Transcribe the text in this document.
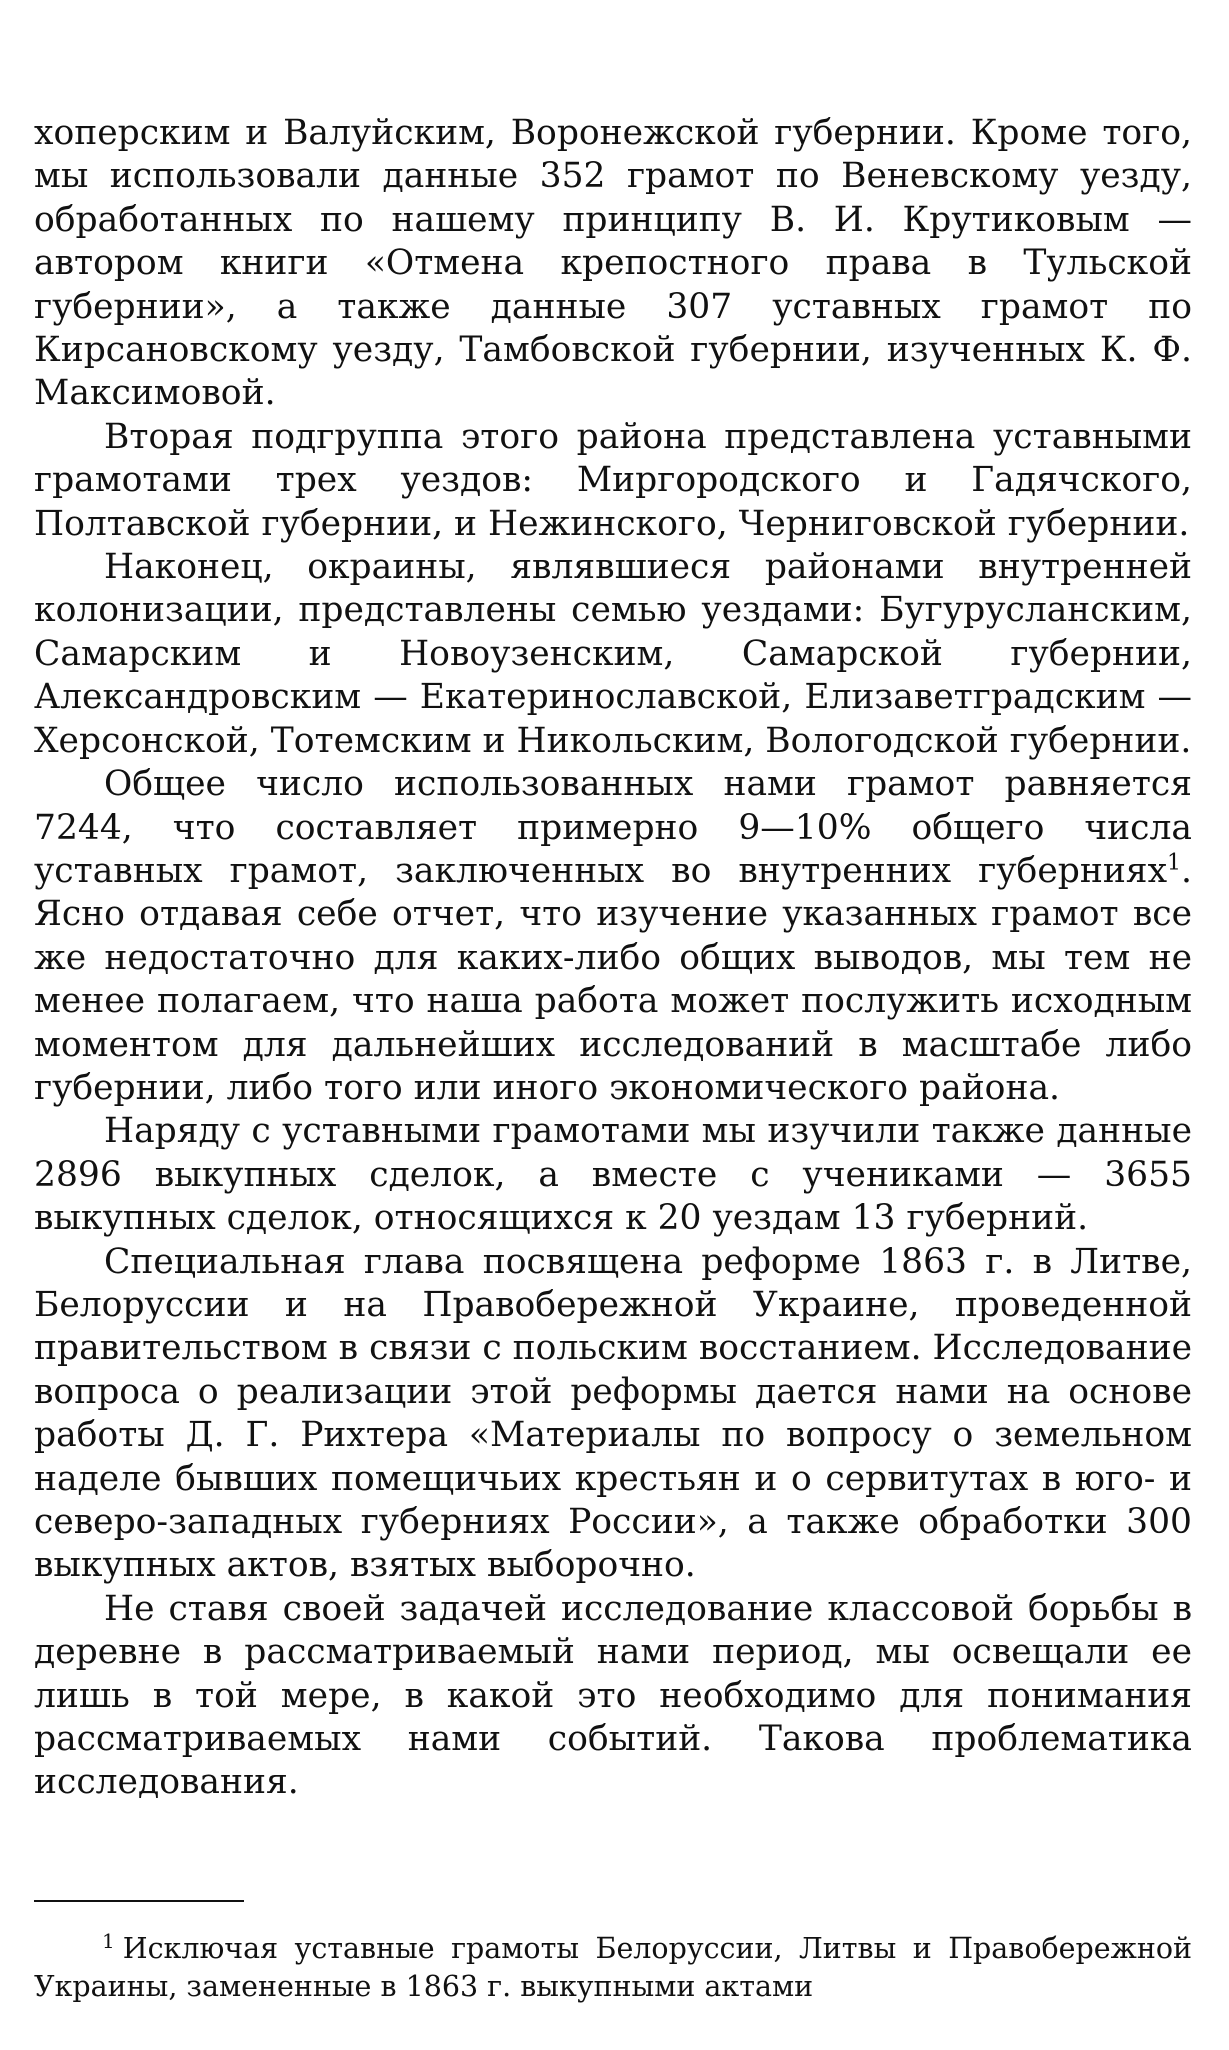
хоперским и Валуйским, Воронежской губернии. Кроме того, мы использовали данные 352 грамот по Веневскому уезду, обработанных по нашему принципу В. И. Крутиковым — автором книги «Отмена крепостного права в Тульской губернии», а также данные 307 уставных грамот по Кирсановскому уезду, Тамбовской губернии, изученных К. Ф. Максимовой.

Вторая подгруппа этого района представлена уставными грамотами трех уездов: Миргородского и Гадячского, Полтавской губернии, и Нежинского, Черниговской губернии.

Наконец, окраины, являвшиеся районами внутренней колонизации, представлены семью уездами: Бугурусланским, Самарским и Новоузенским, Самарской губернии, Александровским — Екатеринославской, Елизаветградским — Херсонской, Тотемским и Никольским, Вологодской губернии.

Общее число использованных нами грамот равняется 7244, что составляет примерно 9—10% общего числа уставных грамот, заключенных во внутренних губерниях$^1$. Ясно отдавая себе отчет, что изучение указанных грамот все же недостаточно для каких-либо общих выводов, мы тем не менее полагаем, что наша работа может послужить исходным моментом для дальнейших исследований в масштабе либо губернии, либо того или иного экономического района.

Наряду с уставными грамотами мы изучили также данные 2896 выкупных сделок, а вместе с учениками — 3655 выкупных сделок, относящихся к 20 уездам 13 губерний.

Специальная глава посвящена реформе 1863 г. в Литве, Белоруссии и на Правобережной Украине, проведенной правительством в связи с польским восстанием. Исследование вопроса о реализации этой реформы дается нами на основе работы Д. Г. Рихтера «Материалы по вопросу о земельном наделе бывших помещичьих крестьян и о сервитутах в юго- и северо-западных губерниях России», а также обработки 300 выкупных актов, взятых выборочно.

Не ставя своей задачей исследование классовой борьбы в деревне в рассматриваемый нами период, мы освещали ее лишь в той мере, в какой это необходимо для понимания рассматриваемых нами событий. Такова проблематика исследования.

$^1$ Исключая уставные грамоты Белоруссии, Литвы и Правобережной Украины, замененные в 1863 г. выкупными актами
